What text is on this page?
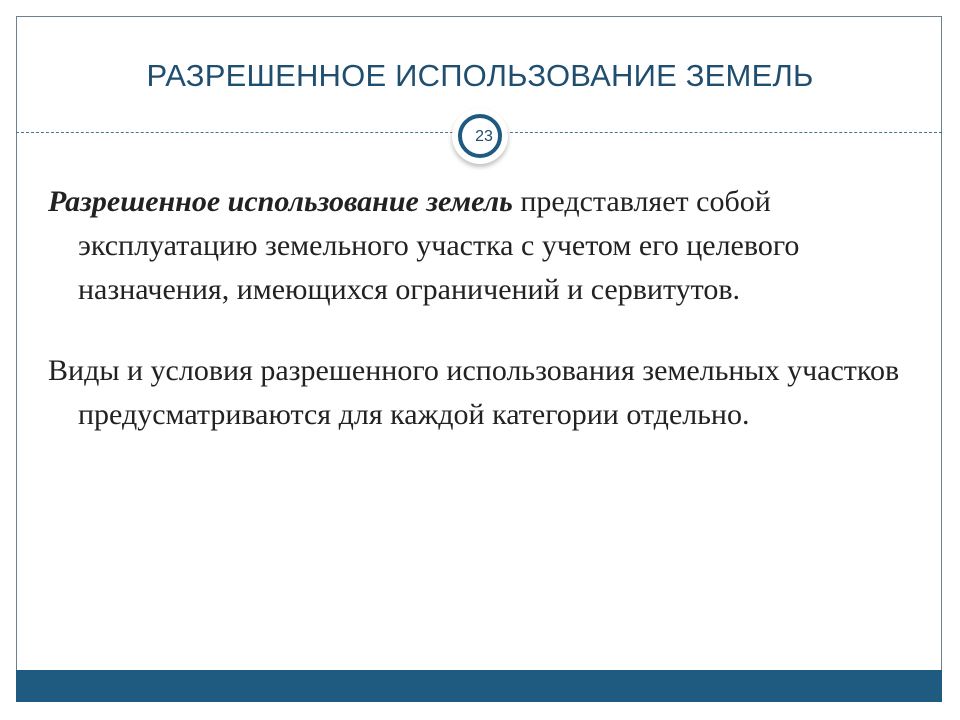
РАЗРЕШЕННОЕ ИСПОЛЬЗОВАНИЕ ЗЕМЕЛЬ
23

Разрешенное использование земель представляет собой эксплуатацию земельного участка с учетом его целевого назначения, имеющихся ограничений и сервитутов.

Виды и условия разрешенного использования земельных участков предусматриваются для каждой категории отдельно.
